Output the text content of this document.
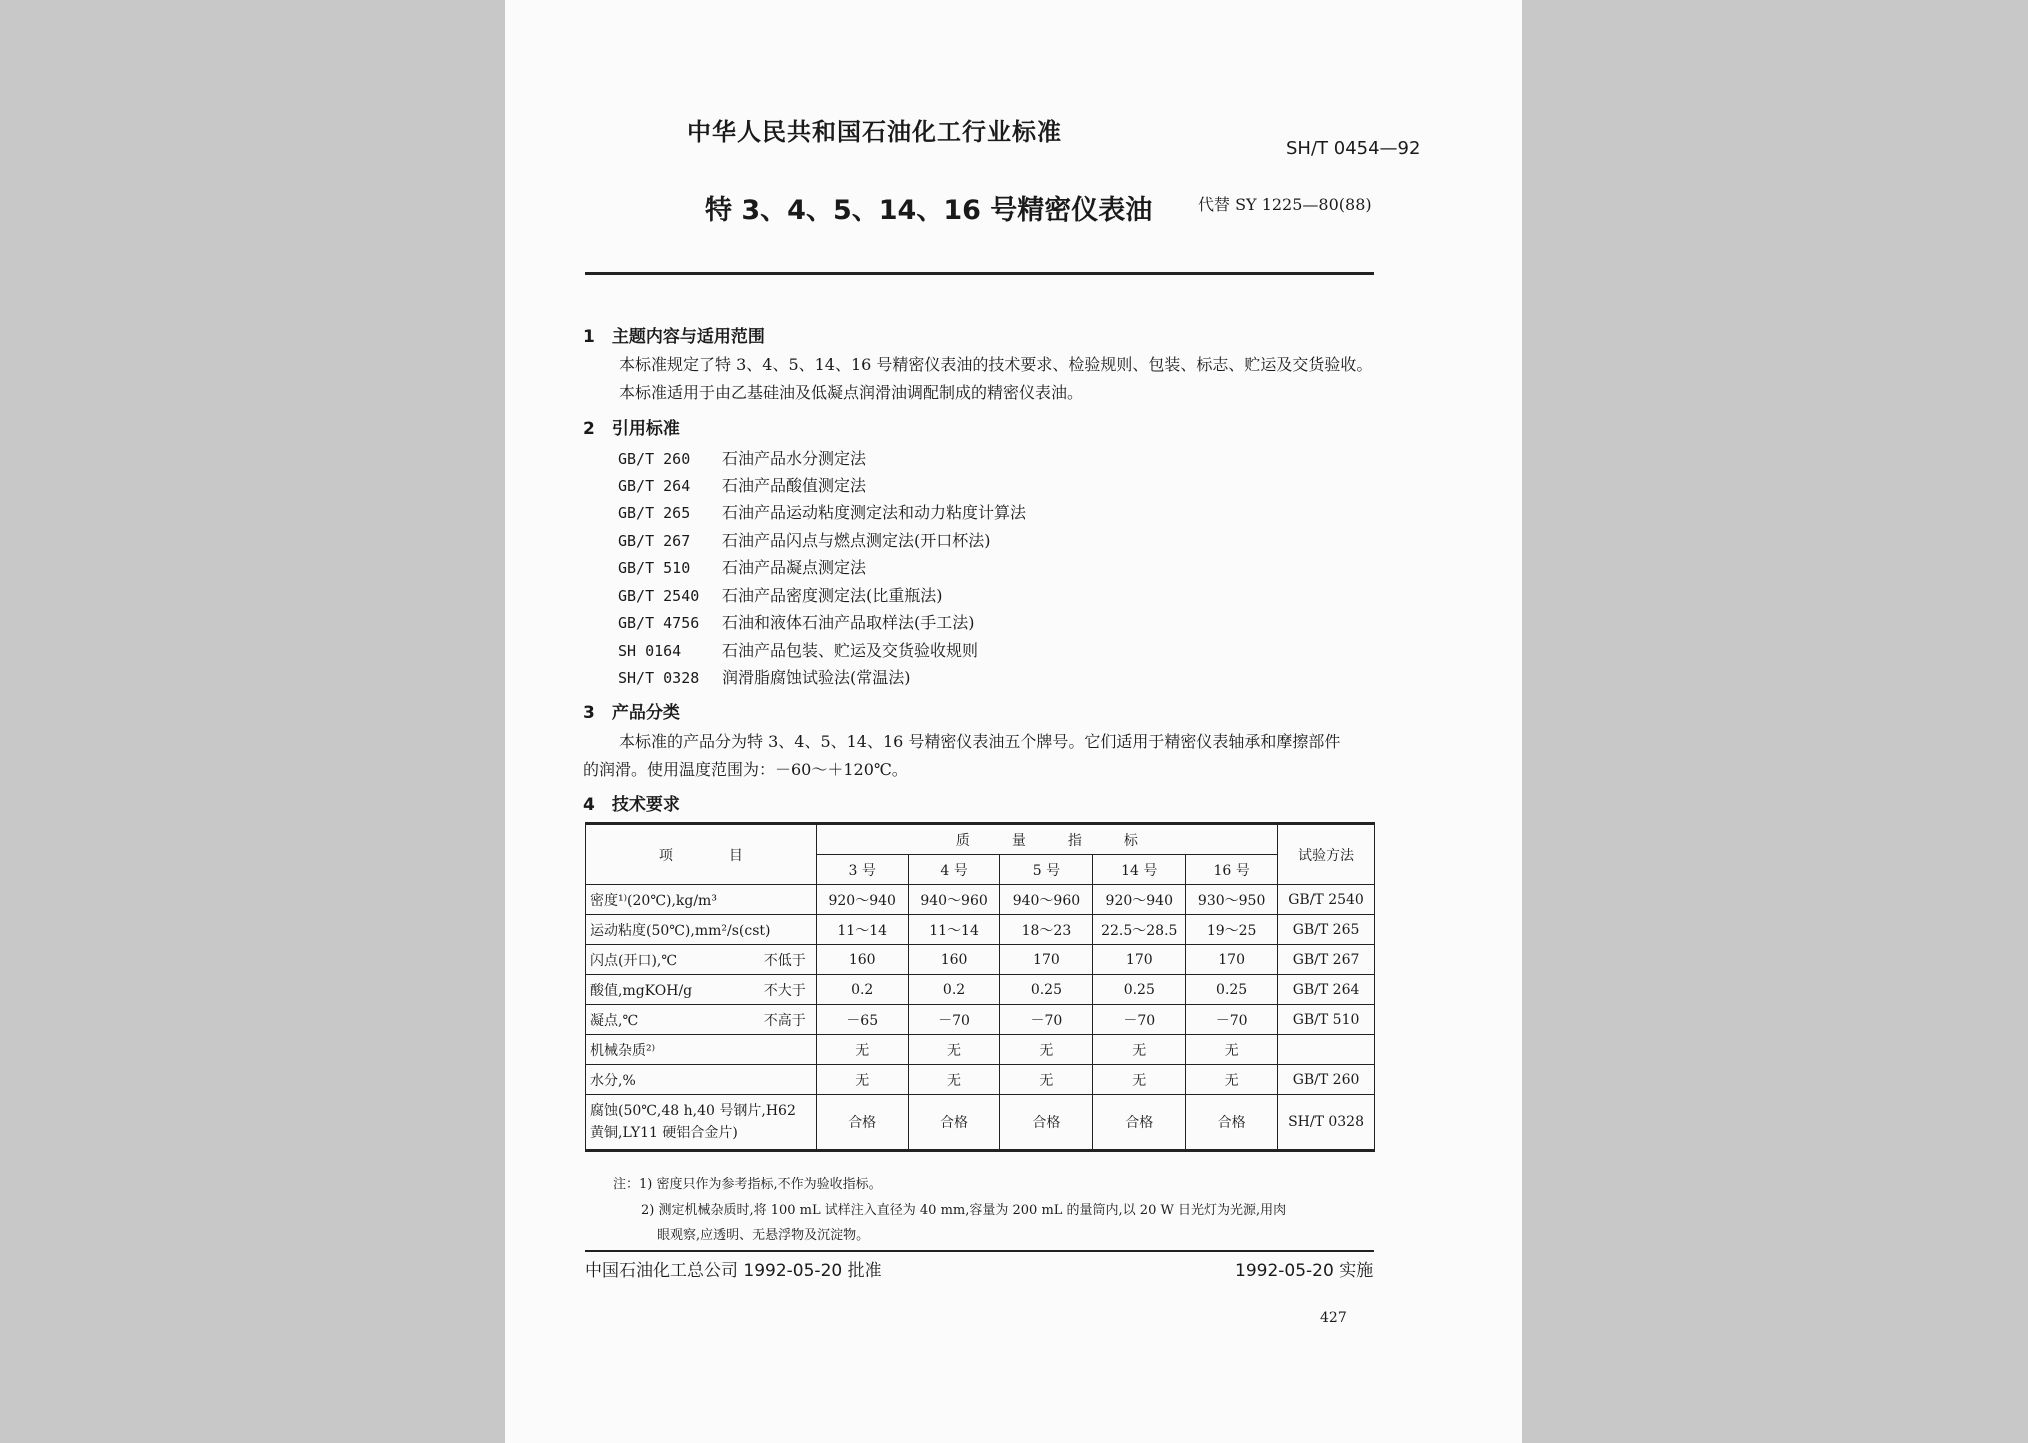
中华人民共和国石油化工行业标准
SH/T 0454—92
特 3、4、5、14、16 号精密仪表油	代替 SY 1225—80(88)
1　主题内容与适用范围
本标准规定了特 3、4、5、14、16 号精密仪表油的技术要求、检验规则、包装、标志、贮运及交货验收。
本标准适用于由乙基硅油及低凝点润滑油调配制成的精密仪表油。
2　引用标准
GB/T 260 石油产品水分测定法
GB/T 264 石油产品酸值测定法
GB/T 265 石油产品运动粘度测定法和动力粘度计算法
GB/T 267 石油产品闪点与燃点测定法(开口杯法)
GB/T 510 石油产品凝点测定法
GB/T 2540 石油产品密度测定法(比重瓶法)
GB/T 4756 石油和液体石油产品取样法(手工法)
SH 0164	石油产品包装、贮运及交货验收规则
SH/T 0328 润滑脂腐蚀试验法(常温法)
3　产品分类
本标准的产品分为特 3、4、5、14、16 号精密仪表油五个牌号。它们适用于精密仪表轴承和摩擦部件
的润滑。使用温度范围为：－60～＋120℃。
4　技术要求
项　　　　目	质　　　量　　　指　　　标					试验方法
	3 号	4 号	5 号	14 号	16 号	
密度¹⁾(20℃),kg/m³	920～940	940～960	940～960	920～940	930～950	GB/T 2540
运动粘度(50℃),mm²/s(cst)	11～14	11～14	18～23	22.5～28.5	19～25	GB/T 265
闪点(开口),℃ 不低于	160	160	170	170	170	GB/T 267
酸值,mgKOH/g 不大于	0.2	0.2	0.25	0.25	0.25	GB/T 264
凝点,℃ 不高于	－65	－70	－70	－70	－70	GB/T 510
机械杂质²⁾	无	无	无	无	无	
水分,%	无	无	无	无	无	GB/T 260
腐蚀(50℃,48 h,40 号钢片,H62 黄铜,LY11 硬铝合金片)	合格	合格	合格	合格	合格	SH/T 0328
注：1) 密度只作为参考指标,不作为验收指标。
2) 测定机械杂质时,将 100 mL 试样注入直径为 40 mm,容量为 200 mL 的量筒内,以 20 W 日光灯为光源,用肉
眼观察,应透明、无悬浮物及沉淀物。
中国石油化工总公司 1992-05-20 批准	1992-05-20 实施
427
